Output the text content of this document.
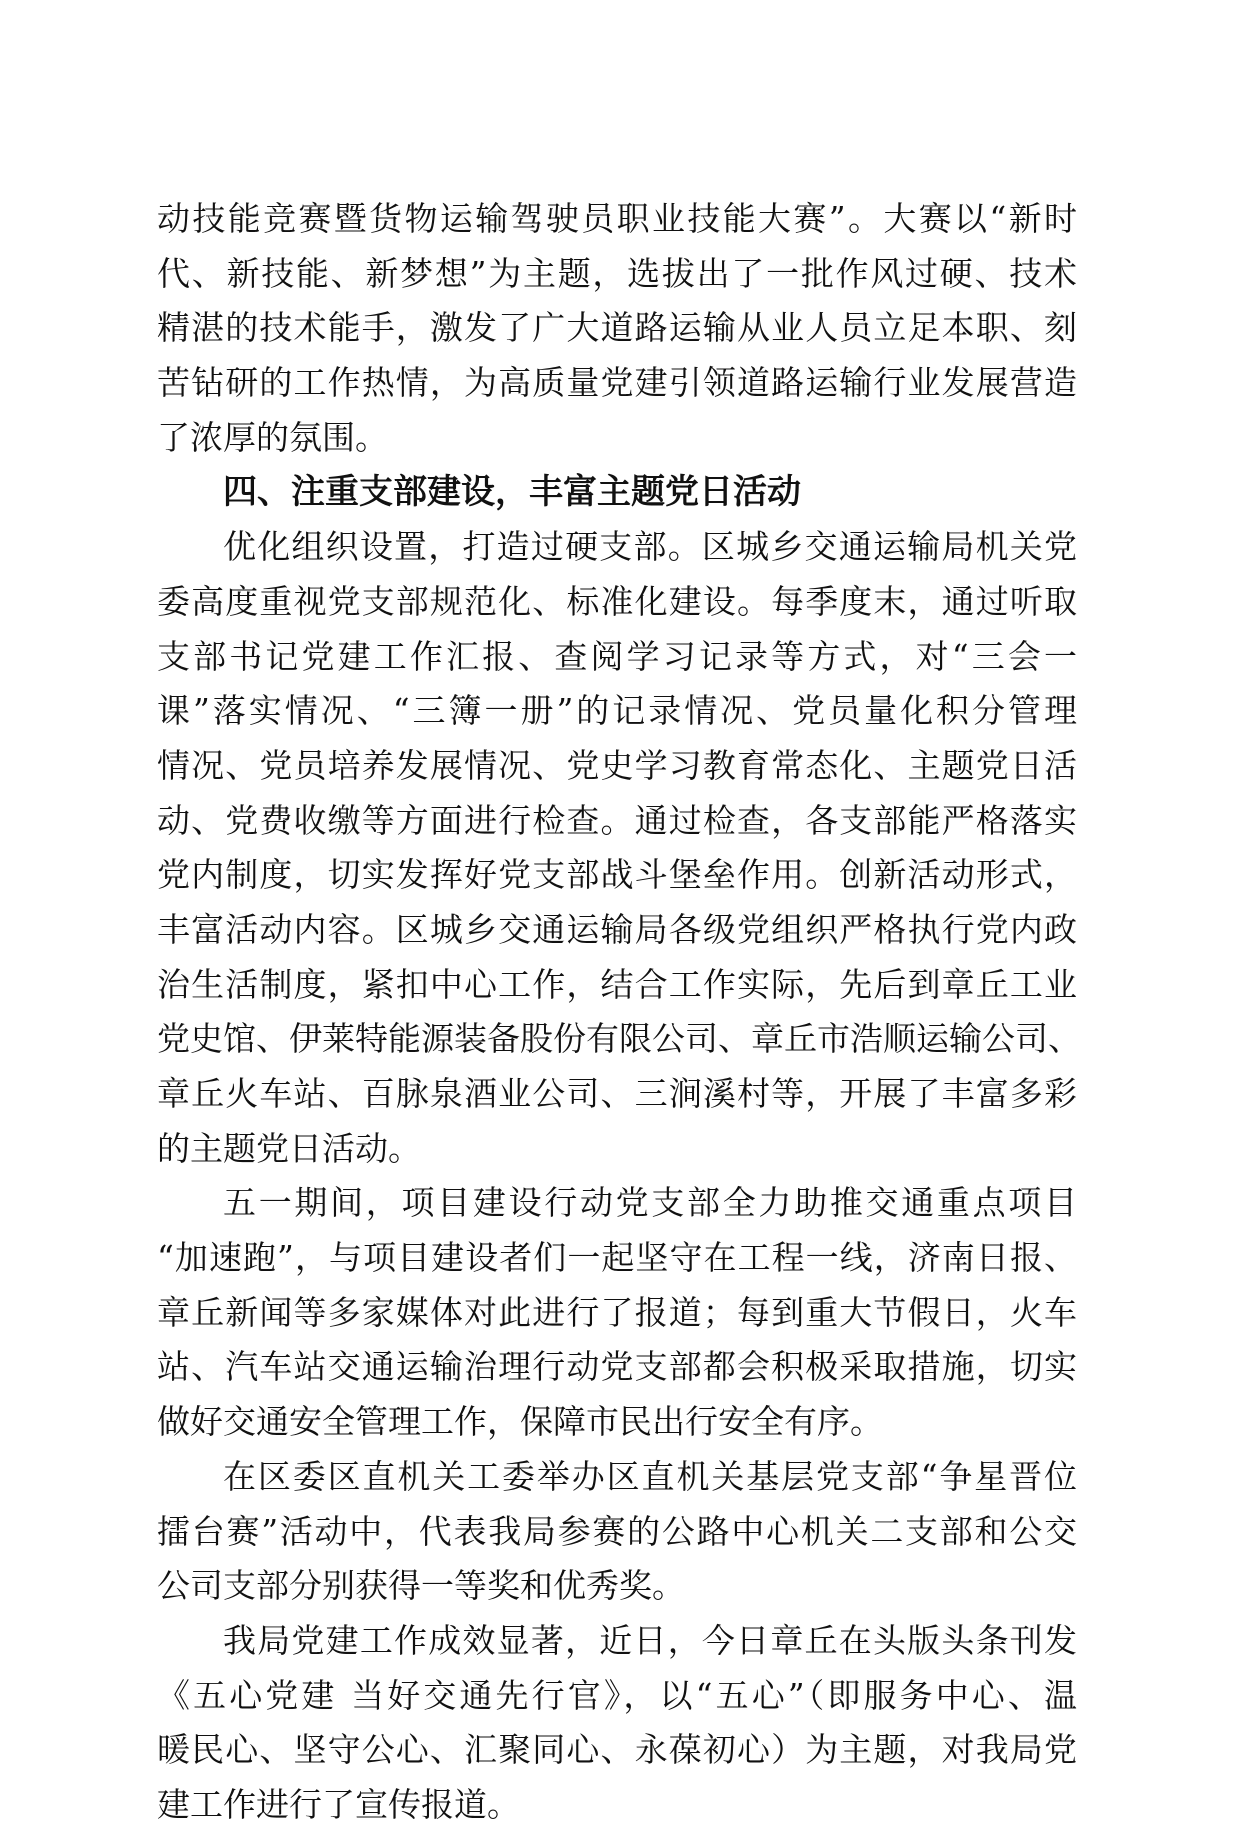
动技能竞赛暨货物运输驾驶员职业技能大赛”。大赛以“新时
代、新技能、新梦想”为主题，选拔出了一批作风过硬、技术
精湛的技术能手，激发了广大道路运输从业人员立足本职、刻
苦钻研的工作热情，为高质量党建引领道路运输行业发展营造
了浓厚的氛围。
四、注重支部建设，丰富主题党日活动
优化组织设置，打造过硬支部。区城乡交通运输局机关党
委高度重视党支部规范化、标准化建设。每季度末，通过听取
支部书记党建工作汇报、查阅学习记录等方式，对“三会一
课”落实情况、“三簿一册”的记录情况、党员量化积分管理
情况、党员培养发展情况、党史学习教育常态化、主题党日活
动、党费收缴等方面进行检查。通过检查，各支部能严格落实
党内制度，切实发挥好党支部战斗堡垒作用。创新活动形式，
丰富活动内容。区城乡交通运输局各级党组织严格执行党内政
治生活制度，紧扣中心工作，结合工作实际，先后到章丘工业
党史馆、伊莱特能源装备股份有限公司、章丘市浩顺运输公司、
章丘火车站、百脉泉酒业公司、三涧溪村等，开展了丰富多彩
的主题党日活动。
五一期间，项目建设行动党支部全力助推交通重点项目
“加速跑”，与项目建设者们一起坚守在工程一线，济南日报、
章丘新闻等多家媒体对此进行了报道；每到重大节假日，火车
站、汽车站交通运输治理行动党支部都会积极采取措施，切实
做好交通安全管理工作，保障市民出行安全有序。
在区委区直机关工委举办区直机关基层党支部“争星晋位
擂台赛”活动中，代表我局参赛的公路中心机关二支部和公交
公司支部分别获得一等奖和优秀奖。
我局党建工作成效显著，近日，今日章丘在头版头条刊发
《五心党建 当好交通先行官》，以“五心”（即服务中心、温
暖民心、坚守公心、汇聚同心、永葆初心）为主题，对我局党
建工作进行了宣传报道。
